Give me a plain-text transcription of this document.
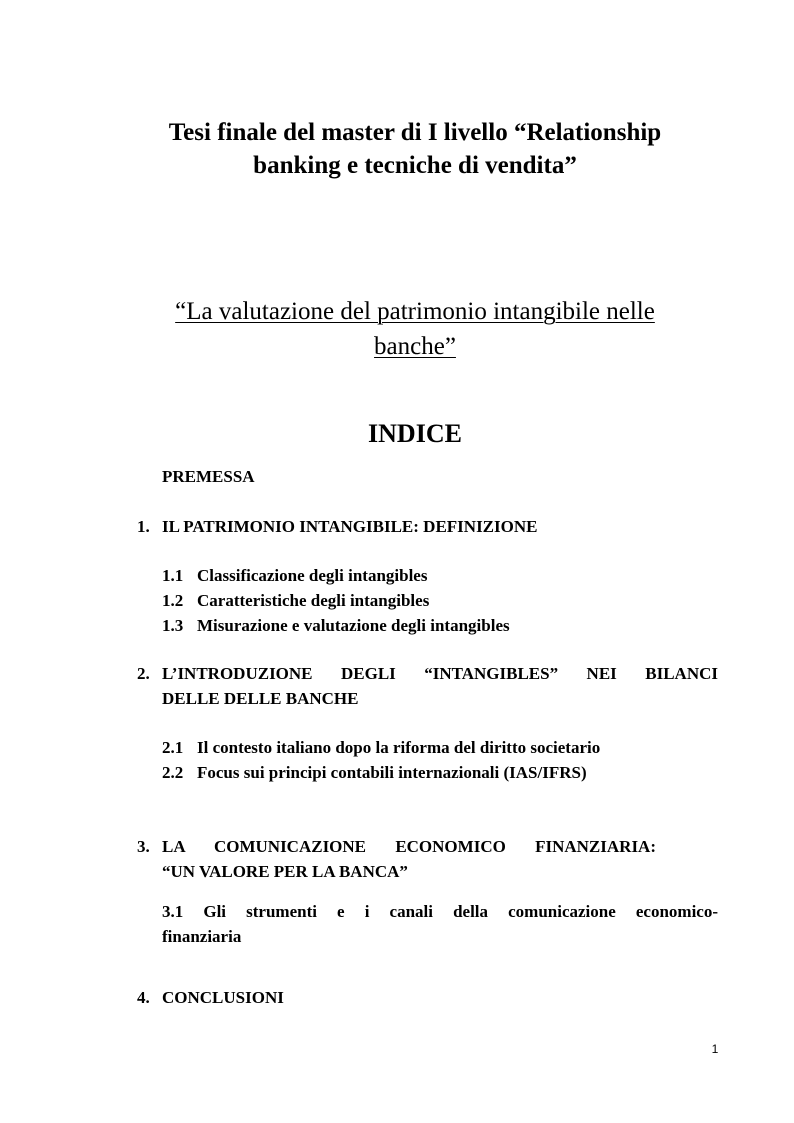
Tesi finale del master di I livello “Relationship
banking e tecniche di vendita”
“La valutazione del patrimonio intangibile nelle
banche”
INDICE
PREMESSA
1. IL PATRIMONIO INTANGIBILE: DEFINIZIONE
1.1 Classificazione degli intangibles
1.2 Caratteristiche degli intangibles
1.3 Misurazione e valutazione degli intangibles
2. L’INTRODUZIONE DEGLI “INTANGIBLES” NEI BILANCI
DELLE DELLE BANCHE
2.1 Il contesto italiano dopo la riforma del diritto societario
2.2 Focus sui principi contabili internazionali (IAS/IFRS)
3. LA COMUNICAZIONE ECONOMICO FINANZIARIA:
“UN VALORE PER LA BANCA”
3.1 Gli strumenti e i canali della comunicazione economico-
finanziaria
4. CONCLUSIONI
1
